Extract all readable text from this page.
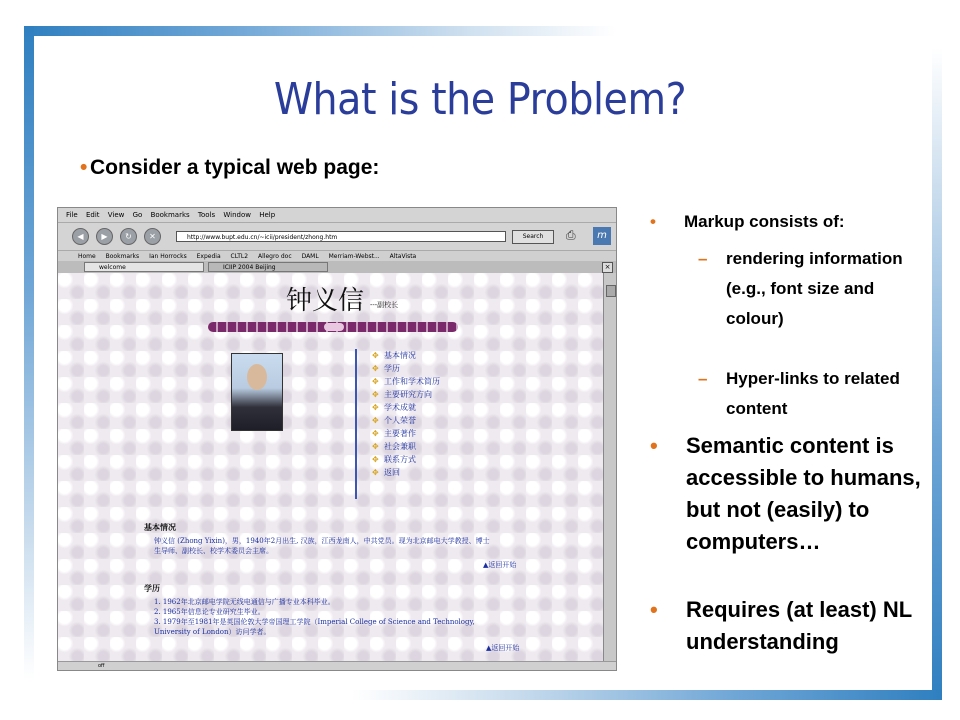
What is the Problem?
• Consider a typical web page:
File Edit View Go Bookmarks Tools Window Help
◀	▶	↻	✕	http://www.bupt.edu.cn/~icii/president/zhong.htm	Search	⎙	m
Home Bookmarks Ian Horrocks Expedia CLTL2 Allegro doc DAML Merriam-Webst... AltaVista
welcome	ICIIP 2004 Beijing	×
钟义信 ---副校长
✥ 基本情况
✥ 学历
✥ 工作和学术简历
✥ 主要研究方向
✥ 学术成就
✥ 个人荣誉
✥ 主要著作
✥ 社会兼职
✥ 联系方式
✥ 返回
基本情况
钟义信 (Zhong Yixin)，男，1940年2月出生, 汉族，江西龙南人，中共党员。现为北京邮电大学教授、博士生导师、副校长、校学术委员会主席。
▲返回开始
学历
1. 1962年北京邮电学院无线电通信与广播专业本科毕业。
2. 1965年信息论专业研究生毕业。
3. 1979年至1981年是英国伦敦大学帝国理工学院（Imperial College of Science and Technology, University of London）访问学者。
▲返回开始
off
• Markup consists of:
– rendering information (e.g., font size and colour)
– Hyper-links to related content
• Semantic content is accessible to humans, but not (easily) to computers…
• Requires (at least) NL understanding
